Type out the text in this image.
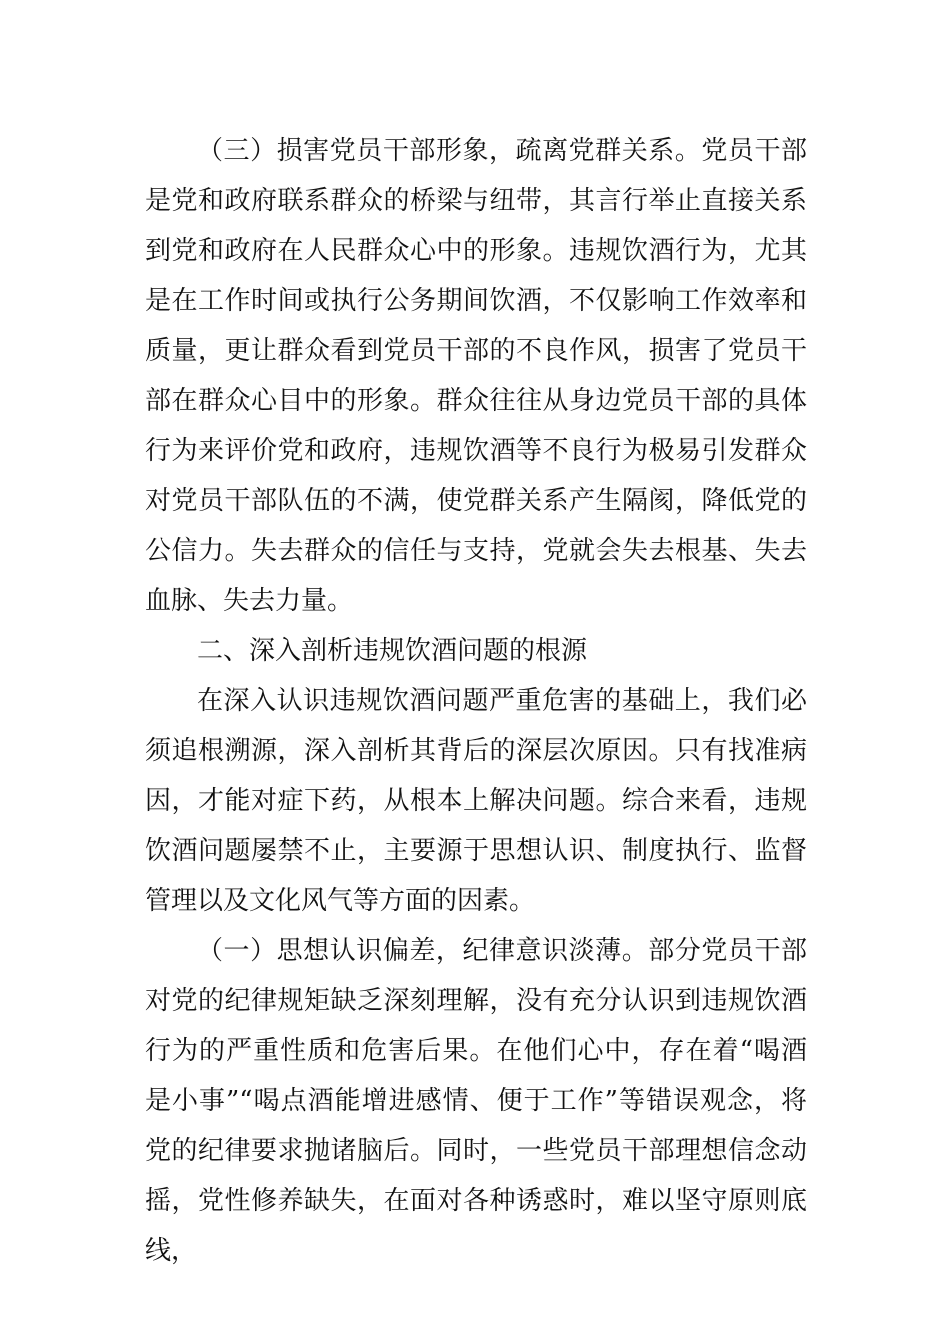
（三）损害党员干部形象，疏离党群关系。党员干部是党和政府联系群众的桥梁与纽带，其言行举止直接关系到党和政府在人民群众心中的形象。违规饮酒行为，尤其是在工作时间或执行公务期间饮酒，不仅影响工作效率和质量，更让群众看到党员干部的不良作风，损害了党员干部在群众心目中的形象。群众往往从身边党员干部的具体行为来评价党和政府，违规饮酒等不良行为极易引发群众对党员干部队伍的不满，使党群关系产生隔阂，降低党的公信力。失去群众的信任与支持，党就会失去根基、失去血脉、失去力量。

二、深入剖析违规饮酒问题的根源

在深入认识违规饮酒问题严重危害的基础上，我们必须追根溯源，深入剖析其背后的深层次原因。只有找准病因，才能对症下药，从根本上解决问题。综合来看，违规饮酒问题屡禁不止，主要源于思想认识、制度执行、监督管理以及文化风气等方面的因素。

（一）思想认识偏差，纪律意识淡薄。部分党员干部对党的纪律规矩缺乏深刻理解，没有充分认识到违规饮酒行为的严重性质和危害后果。在他们心中，存在着“喝酒是小事”“喝点酒能增进感情、便于工作”等错误观念，将党的纪律要求抛诸脑后。同时，一些党员干部理想信念动摇，党性修养缺失，在面对各种诱惑时，难以坚守原则底线，
